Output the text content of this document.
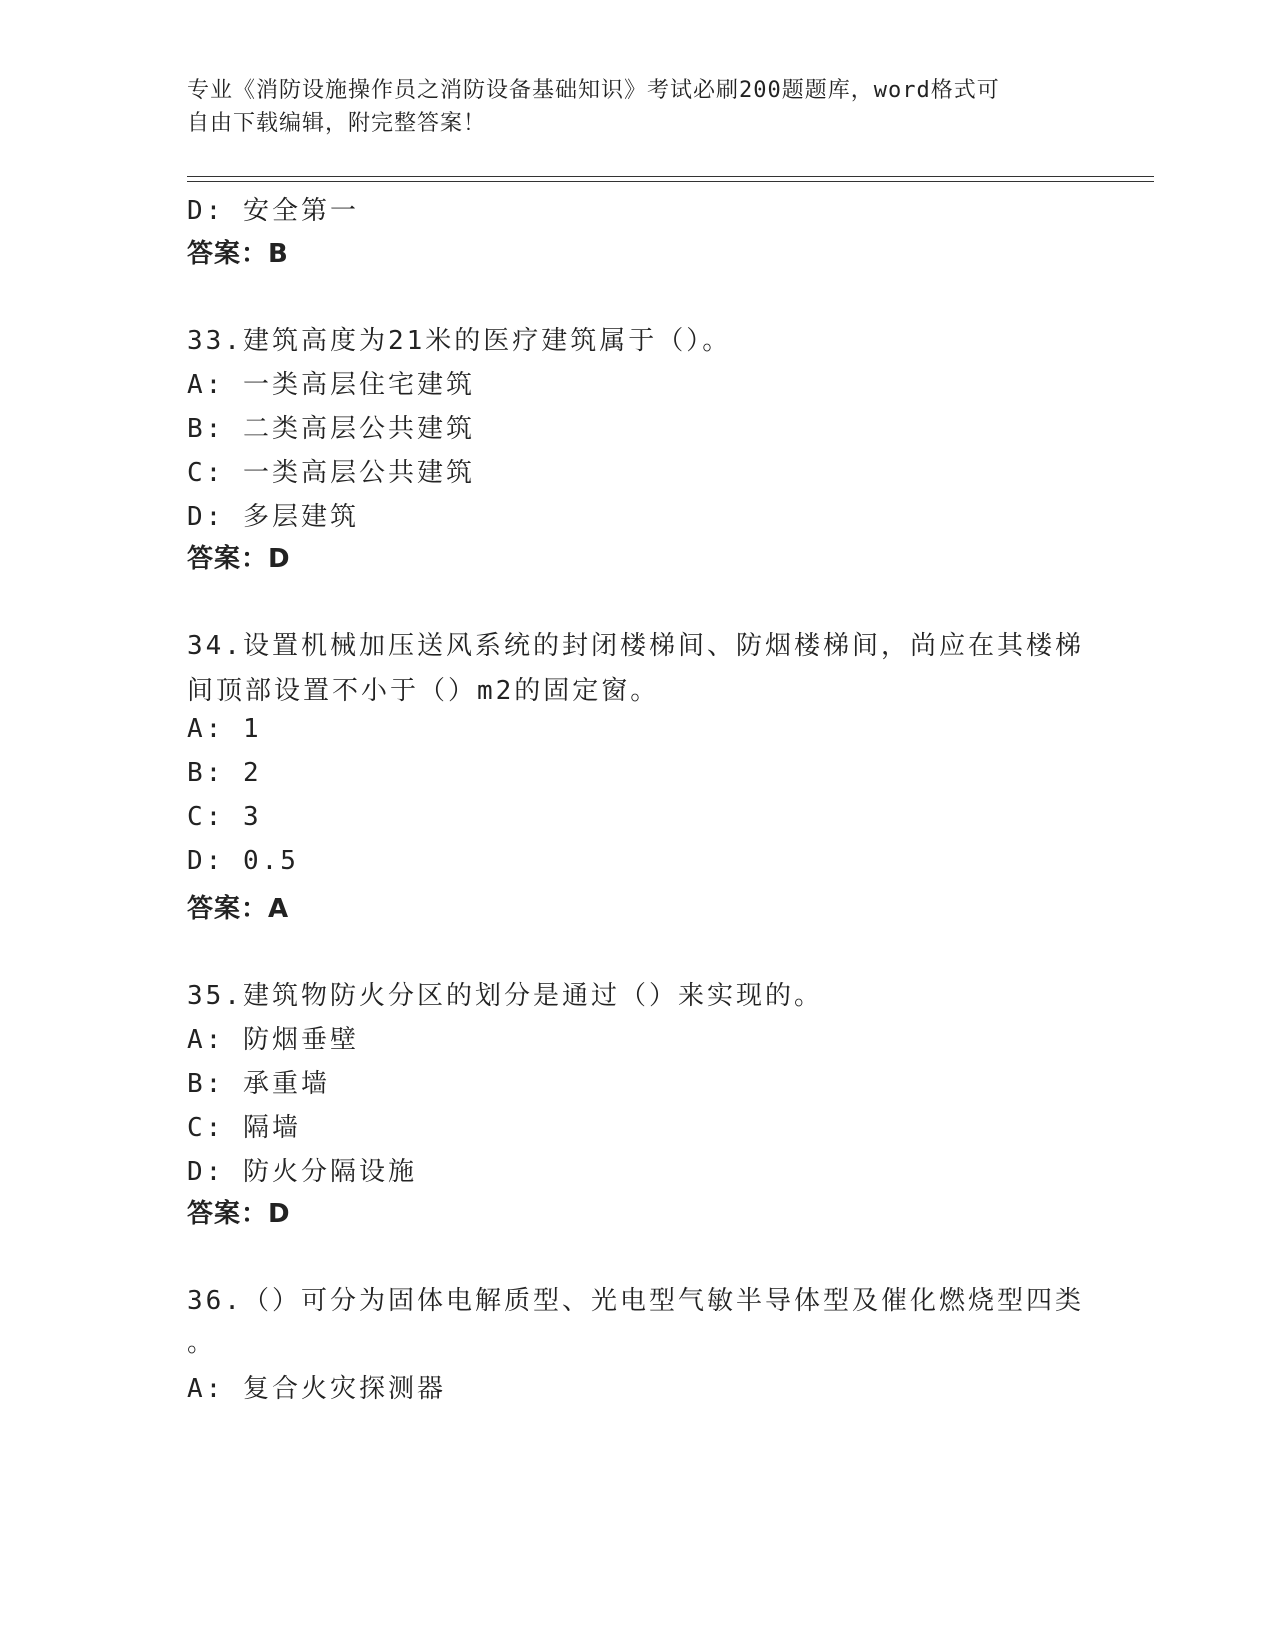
专业《消防设施操作员之消防设备基础知识》考试必刷200题题库，word格式可
自由下载编辑，附完整答案！
D: 安全第一
答案：B
33.建筑高度为21米的医疗建筑属于（）。
A: 一类高层住宅建筑
B: 二类高层公共建筑
C: 一类高层公共建筑
D: 多层建筑
答案：D
34.设置机械加压送风系统的封闭楼梯间、防烟楼梯间，尚应在其楼梯
间顶部设置不小于（）m2的固定窗。
A: 1
B: 2
C: 3
D: 0.5
答案：A
35.建筑物防火分区的划分是通过（）来实现的。
A: 防烟垂壁
B: 承重墙
C: 隔墙
D: 防火分隔设施
答案：D
36.（）可分为固体电解质型、光电型气敏半导体型及催化燃烧型四类
。
A: 复合火灾探测器
